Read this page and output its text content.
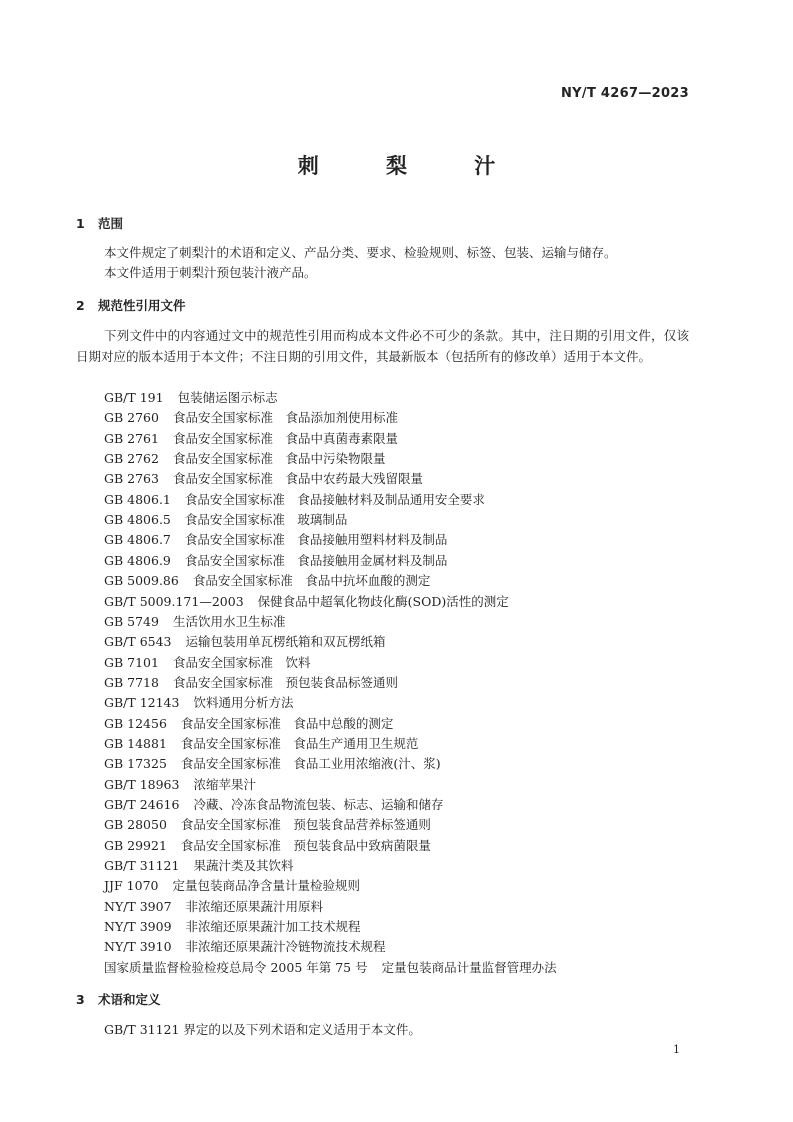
NY/T 4267—2023
刺 梨 汁
1 范围
本文件规定了刺梨汁的术语和定义、产品分类、要求、检验规则、标签、包装、运输与储存。
本文件适用于刺梨汁预包装汁液产品。
2 规范性引用文件
下列文件中的内容通过文中的规范性引用而构成本文件必不可少的条款。其中，注日期的引用文件，仅该日期对应的版本适用于本文件；不注日期的引用文件，其最新版本（包括所有的修改单）适用于本文件。
GB/T 191 包装储运图示标志
GB 2760 食品安全国家标准　食品添加剂使用标准
GB 2761 食品安全国家标准　食品中真菌毒素限量
GB 2762 食品安全国家标准　食品中污染物限量
GB 2763 食品安全国家标准　食品中农药最大残留限量
GB 4806.1 食品安全国家标准　食品接触材料及制品通用安全要求
GB 4806.5 食品安全国家标准　玻璃制品
GB 4806.7 食品安全国家标准　食品接触用塑料材料及制品
GB 4806.9 食品安全国家标准　食品接触用金属材料及制品
GB 5009.86 食品安全国家标准　食品中抗坏血酸的测定
GB/T 5009.171—2003 保健食品中超氧化物歧化酶(SOD)活性的测定
GB 5749 生活饮用水卫生标准
GB/T 6543 运输包装用单瓦楞纸箱和双瓦楞纸箱
GB 7101 食品安全国家标准　饮料
GB 7718 食品安全国家标准　预包装食品标签通则
GB/T 12143 饮料通用分析方法
GB 12456 食品安全国家标准　食品中总酸的测定
GB 14881 食品安全国家标准　食品生产通用卫生规范
GB 17325 食品安全国家标准　食品工业用浓缩液(汁、浆)
GB/T 18963 浓缩苹果汁
GB/T 24616 冷藏、冷冻食品物流包装、标志、运输和储存
GB 28050 食品安全国家标准　预包装食品营养标签通则
GB 29921 食品安全国家标准　预包装食品中致病菌限量
GB/T 31121 果蔬汁类及其饮料
JJF 1070 定量包装商品净含量计量检验规则
NY/T 3907 非浓缩还原果蔬汁用原料
NY/T 3909 非浓缩还原果蔬汁加工技术规程
NY/T 3910 非浓缩还原果蔬汁冷链物流技术规程
国家质量监督检验检疫总局令 2005 年第 75 号 定量包装商品计量监督管理办法
3 术语和定义
GB/T 31121 界定的以及下列术语和定义适用于本文件。
1
